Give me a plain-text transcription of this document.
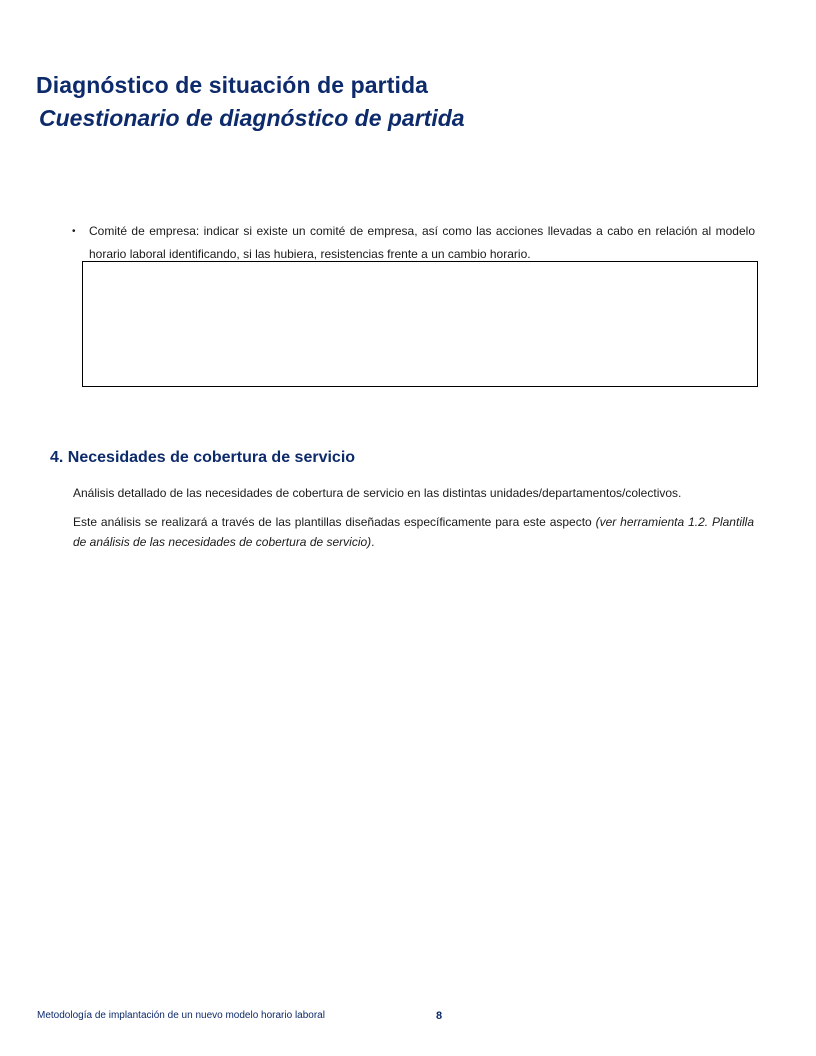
Diagnóstico de situación de partida
Cuestionario de diagnóstico de partida
•	Comité de empresa: indicar si existe un comité de empresa, así como las acciones llevadas a cabo en relación al modelo horario laboral identificando, si las hubiera, resistencias frente a un cambio horario.
4. Necesidades de cobertura de servicio

Análisis detallado de las necesidades de cobertura de servicio en las distintas unidades/departamentos/colectivos.

Este análisis se realizará a través de las plantillas diseñadas específicamente para este aspecto (ver herramienta 1.2. Plantilla de análisis de las necesidades de cobertura de servicio).

Metodología de implantación de un nuevo modelo horario laboral	8
